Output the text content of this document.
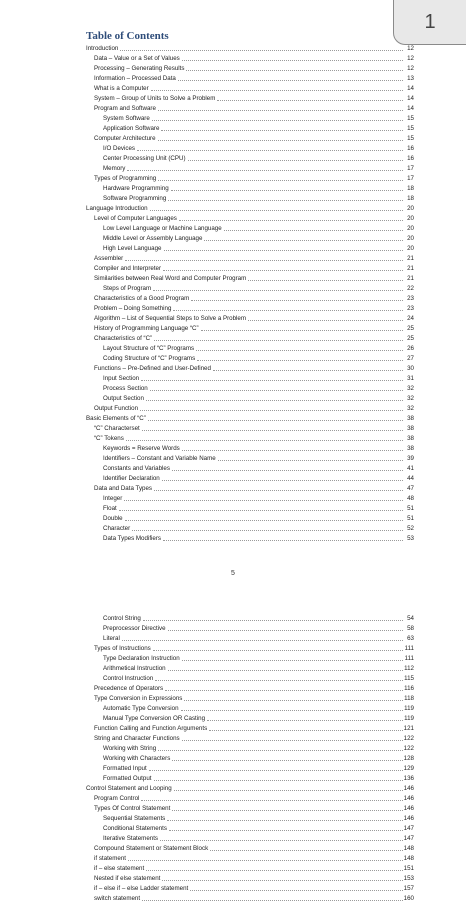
1
Table of Contents
Introduction	12
Data – Value or a Set of Values	12
Processing – Generating Results	12
Information – Processed Data	13
What is a Computer	14
System – Group of Units to Solve a Problem	14
Program and Software	14
System Software	15
Application Software	15
Computer Architecture	15
I/O Devices	16
Center Processing Unit (CPU)	16
Memory	17
Types of Programming	17
Hardware Programming	18
Software Programming	18
Language Introduction	20
Level of Computer Languages	20
Low Level Language or Machine Language	20
Middle Level or Assembly Language	20
High Level Language	20
Assembler	21
Compiler and Interpreter	21
Similarities between Real Word and Computer Program	21
Steps of Program	22
Characteristics of a Good Program	23
Problem – Doing Something	23
Algorithm – List of Sequential Steps to Solve a Problem	24
History of Programming Language “C”	25
Characteristics of “C”	25
Layout Structure of “C” Programs	26
Coding Structure of “C” Programs	27
Functions – Pre-Defined and User-Defined	30
Input Section	31
Process Section	32
Output Section	32
Output Function	32
Basic Elements of “C”	38
“C” Characterset	38
“C” Tokens	38
Keywords = Reserve Words	38
Identifiers – Constant and Variable Name	39
Constants and Variables	41
Identifier Declaration	44
Data and Data Types	47
Integer	48
Float	51
Double	51
Character	52
Data Types Modifiers	53
5
Control String	54
Preprocessor Directive	58
Literal	63
Types of Instructions	111
Type Declaration Instruction	111
Arithmetical Instruction	112
Control Instruction	115
Precedence of Operators	116
Type Conversion in Expressions	118
Automatic Type Conversion	119
Manual Type Conversion OR Casting	119
Function Calling and Function Arguments	121
String and Character Functions	122
Working with String	122
Working with Characters	128
Formatted Input	129
Formatted Output	136
Control Statement and Looping	146
Program Control	146
Types Of Control Statement	146
Sequential Statements	146
Conditional Statements	147
Iterative Statements	147
Compound Statement or Statement Block	148
if statement	148
if – else statement	151
Nested if else statement	153
if – else if – else Ladder statement	157
switch statement	160
